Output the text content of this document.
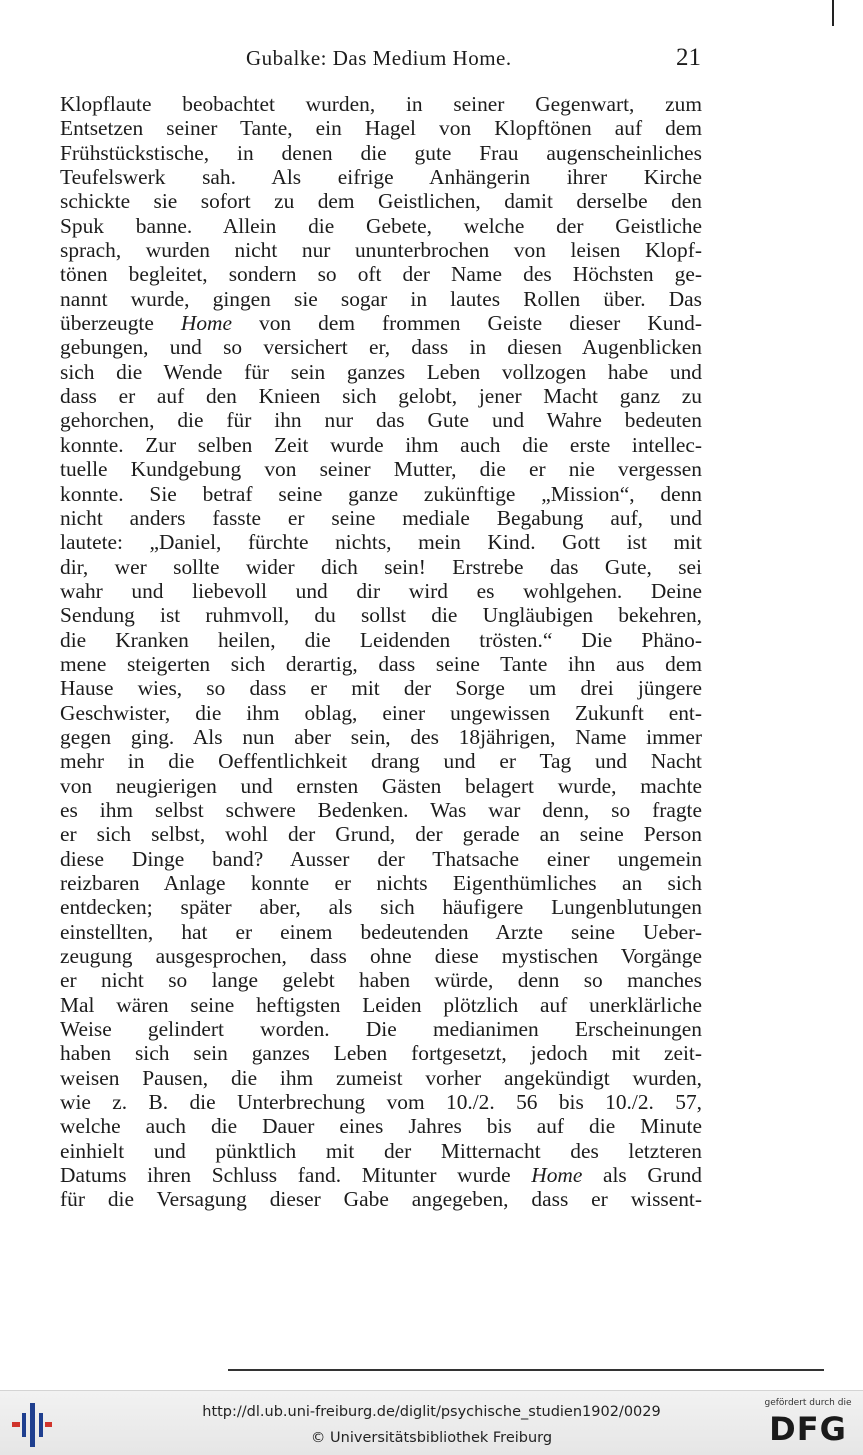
Gubalke: Das Medium Home.	21
Klopflaute beobachtet wurden, in seiner Gegenwart, zum
Entsetzen seiner Tante, ein Hagel von Klopftönen auf dem
Frühstückstische, in denen die gute Frau augenscheinliches
Teufelswerk sah. Als eifrige Anhängerin ihrer Kirche
schickte sie sofort zu dem Geistlichen, damit derselbe den
Spuk banne. Allein die Gebete, welche der Geistliche
sprach, wurden nicht nur ununterbrochen von leisen Klopf-
tönen begleitet, sondern so oft der Name des Höchsten ge-
nannt wurde, gingen sie sogar in lautes Rollen über. Das
überzeugte Home von dem frommen Geiste dieser Kund-
gebungen, und so versichert er, dass in diesen Augenblicken
sich die Wende für sein ganzes Leben vollzogen habe und
dass er auf den Knieen sich gelobt, jener Macht ganz zu
gehorchen, die für ihn nur das Gute und Wahre bedeuten
konnte. Zur selben Zeit wurde ihm auch die erste intellec-
tuelle Kundgebung von seiner Mutter, die er nie vergessen
konnte. Sie betraf seine ganze zukünftige „Mission“, denn
nicht anders fasste er seine mediale Begabung auf, und
lautete: „Daniel, fürchte nichts, mein Kind. Gott ist mit
dir, wer sollte wider dich sein! Erstrebe das Gute, sei
wahr und liebevoll und dir wird es wohlgehen. Deine
Sendung ist ruhmvoll, du sollst die Ungläubigen bekehren,
die Kranken heilen, die Leidenden trösten.“ Die Phäno-
mene steigerten sich derartig, dass seine Tante ihn aus dem
Hause wies, so dass er mit der Sorge um drei jüngere
Geschwister, die ihm oblag, einer ungewissen Zukunft ent-
gegen ging. Als nun aber sein, des 18jährigen, Name immer
mehr in die Oeffentlichkeit drang und er Tag und Nacht
von neugierigen und ernsten Gästen belagert wurde, machte
es ihm selbst schwere Bedenken. Was war denn, so fragte
er sich selbst, wohl der Grund, der gerade an seine Person
diese Dinge band? Ausser der Thatsache einer ungemein
reizbaren Anlage konnte er nichts Eigenthümliches an sich
entdecken; später aber, als sich häufigere Lungenblutungen
einstellten, hat er einem bedeutenden Arzte seine Ueber-
zeugung ausgesprochen, dass ohne diese mystischen Vorgänge
er nicht so lange gelebt haben würde, denn so manches
Mal wären seine heftigsten Leiden plötzlich auf unerklärliche
Weise gelindert worden. Die medianimen Erscheinungen
haben sich sein ganzes Leben fortgesetzt, jedoch mit zeit-
weisen Pausen, die ihm zumeist vorher angekündigt wurden,
wie z. B. die Unterbrechung vom 10./2. 56 bis 10./2. 57,
welche auch die Dauer eines Jahres bis auf die Minute
einhielt und pünktlich mit der Mitternacht des letzteren
Datums ihren Schluss fand. Mitunter wurde Home als Grund
für die Versagung dieser Gabe angegeben, dass er wissent-
http://dl.ub.uni-freiburg.de/diglit/psychische_studien1902/0029
© Universitätsbibliothek Freiburg
gefördert durch die
DFG
